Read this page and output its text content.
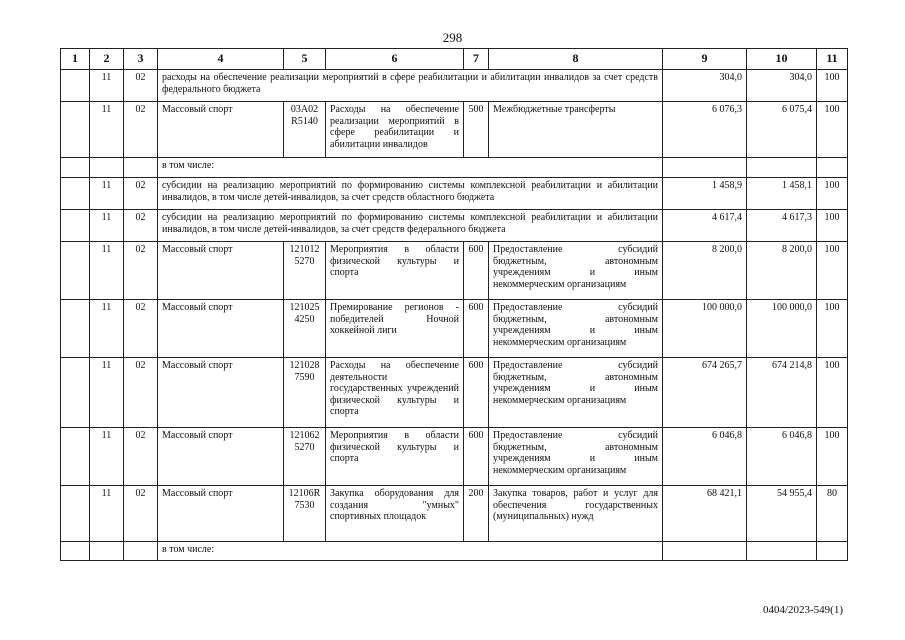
298
1	2	3	4	5	6	7	8	9	10	11
	11	02	расходы на обеспечение реализации мероприятий в сфере реабилитации и абилитации инвалидов за счет средств федерального бюджета					304,0	304,0	100
	11	02	Массовый спорт	03А02 R5140	Расходы на обеспечение реализации мероприятий в сфере реабилитации и абилитации инвалидов	500	Межбюджетные трансферты	6 076,3	6 075,4	100
			в том числе:							
	11	02	субсидии на реализацию мероприятий по формированию системы комплексной реабилитации и абилитации инвалидов, в том числе детей-инвалидов, за счет средств областного бюджета					1 458,9	1 458,1	100
	11	02	субсидии на реализацию мероприятий по формированию системы комплексной реабилитации и абилитации инвалидов, в том числе детей-инвалидов, за счет средств федерального бюджета					4 617,4	4 617,3	100
	11	02	Массовый спорт	121012 5270	Мероприятия в области физической культуры и спорта	600	Предоставление субсидий бюджетным, автономным учреждениям и иным некоммерческим организациям	8 200,0	8 200,0	100
	11	02	Массовый спорт	121025 4250	Премирование регионов - победителей Ночной хоккейной лиги	600	Предоставление субсидий бюджетным, автономным учреждениям и иным некоммерческим организациям	100 000,0	100 000,0	100
	11	02	Массовый спорт	121028 7590	Расходы на обеспечение деятельности государственных учреждений физической культуры и спорта	600	Предоставление субсидий бюджетным, автономным учреждениям и иным некоммерческим организациям	674 265,7	674 214,8	100
	11	02	Массовый спорт	121062 5270	Мероприятия в области физической культуры и спорта	600	Предоставление субсидий бюджетным, автономным учреждениям и иным некоммерческим организациям	6 046,8	6 046,8	100
	11	02	Массовый спорт	12106R 7530	Закупка оборудования для создания "умных" спортивных площадок	200	Закупка товаров, работ и услуг для обеспечения государственных (муниципальных) нужд	68 421,1	54 955,4	80
			в том числе:							
0404/2023-549(1)
